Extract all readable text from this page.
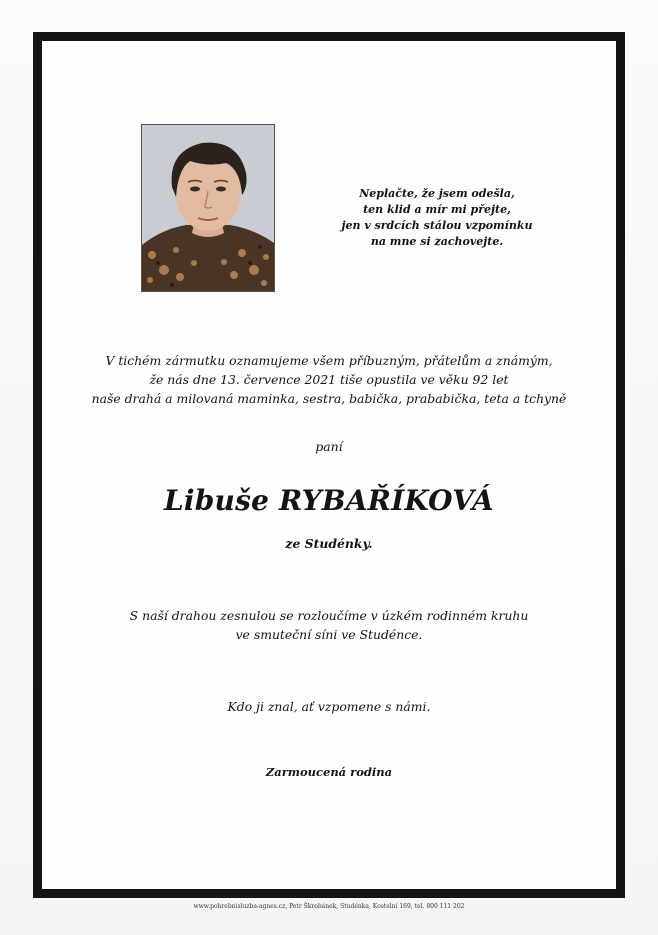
Neplačte, že jsem odešla,
ten klid a mír mi přejte,
jen v srdcích stálou vzpomínku
na mne si zachovejte.
V tichém zármutku oznamujeme všem příbuzným, přátelům a známým,
že nás dne 13. července 2021 tiše opustila ve věku 92 let
naše drahá a milovaná maminka, sestra, babička, prababička, teta a tchyně
paní
Libuše RYBAŘÍKOVÁ
ze Studénky.
S naší drahou zesnulou se rozloučíme v úzkém rodinném kruhu
ve smuteční síni ve Studénce.
Kdo ji znal, ať vzpomene s námi.
Zarmoucená rodina
www.pohrebnisluzba-agnes.cz, Petr Škrobánek, Studénka, Kostelní 169, tel. 800 111 202
